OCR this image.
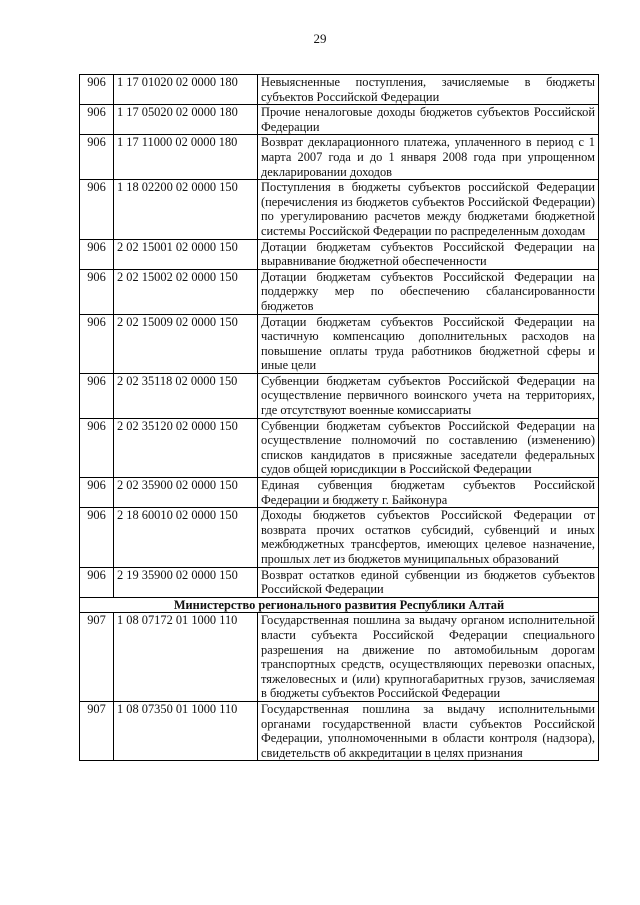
29
906	1 17 01020 02 0000 180	Невыясненные поступления, зачисляемые в бюджеты субъектов Российской Федерации
906	1 17 05020 02 0000 180	Прочие неналоговые доходы бюджетов субъектов Российской Федерации
906	1 17 11000 02 0000 180	Возврат декларационного платежа, уплаченного в период с 1 марта 2007 года и до 1 января 2008 года при упрощенном декларировании доходов
906	1 18 02200 02 0000 150	Поступления в бюджеты субъектов российской Федерации (перечисления из бюджетов субъектов Российской Федерации) по урегулированию расчетов между бюджетами бюджетной системы Российской Федерации по распределенным доходам
906	2 02 15001 02 0000 150	Дотации бюджетам субъектов Российской Федерации на выравнивание бюджетной обеспеченности
906	2 02 15002 02 0000 150	Дотации бюджетам субъектов Российской Федерации на поддержку мер по обеспечению сбалансированности бюджетов
906	2 02 15009 02 0000 150	Дотации бюджетам субъектов Российской Федерации на частичную компенсацию дополнительных расходов на повышение оплаты труда работников бюджетной сферы и иные цели
906	2 02 35118 02 0000 150	Субвенции бюджетам субъектов Российской Федерации на осуществление первичного воинского учета на территориях, где отсутствуют военные комиссариаты
906	2 02 35120 02 0000 150	Субвенции бюджетам субъектов Российской Федерации на осуществление полномочий по составлению (изменению) списков кандидатов в присяжные заседатели федеральных судов общей юрисдикции в Российской Федерации
906	2 02 35900 02 0000 150	Единая субвенция бюджетам субъектов Российской Федерации и бюджету г. Байконура
906	2 18 60010 02 0000 150	Доходы бюджетов субъектов Российской Федерации от возврата прочих остатков субсидий, субвенций и иных межбюджетных трансфертов, имеющих целевое назначение, прошлых лет из бюджетов муниципальных образований
906	2 19 35900 02 0000 150	Возврат остатков единой субвенции из бюджетов субъектов Российской Федерации
Министерство регионального развития Республики Алтай		
907	1 08 07172 01 1000 110	Государственная пошлина за выдачу органом исполнительной власти субъекта Российской Федерации специального разрешения на движение по автомобильным дорогам транспортных средств, осуществляющих перевозки опасных, тяжеловесных и (или) крупногабаритных грузов, зачисляемая в бюджеты субъектов Российской Федерации
907	1 08 07350 01 1000 110	Государственная пошлина за выдачу исполнительными органами государственной власти субъектов Российской Федерации, уполномоченными в области контроля (надзора), свидетельств об аккредитации в целях признания
